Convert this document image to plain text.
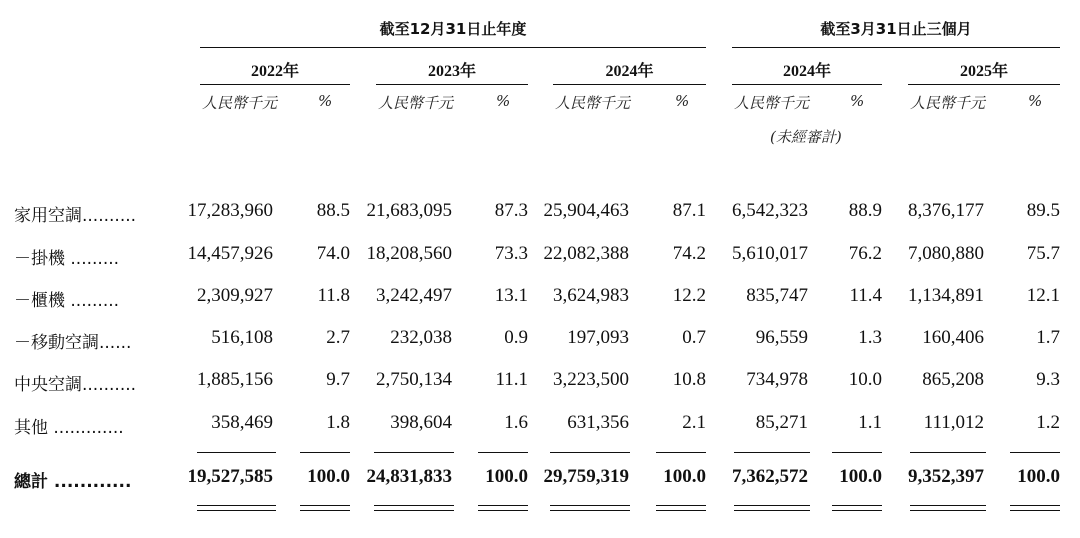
截至12月31日止年度	截至3月31日止三個月
2022年	2023年	2024年	2024年	2025年
人民幣千元	%	人民幣千元	%	人民幣千元	%	人民幣千元	%
(未經審計)
人民幣千元	%
家用空調..........	17,283,960	88.5 21,683,095	87.3 25,904,463	87.1	6,542,323	88.9	8,376,177	89.5
－掛機 .........	14,457,926	74.0 18,208,560	73.3 22,082,388	74.2	5,610,017	76.2	7,080,880	75.7
－櫃機 .........	2,309,927	11.8	3,242,497	13.1	3,624,983	12.2	835,747	11.4	1,134,891	12.1
－移動空調......	516,108	2.7	232,038	0.9	197,093	0.7	96,559	1.3	160,406	1.7
中央空調..........	1,885,156	9.7	2,750,134	11.1	3,223,500	10.8	734,978	10.0	865,208	9.3
其他 .............	358,469	1.8	398,604	1.6	631,356	2.1	85,271	1.1	111,012	1.2
總計 ............	19,527,585	100.0 24,831,833	100.0 29,759,319	100.0	7,362,572	100.0	9,352,397	100.0
